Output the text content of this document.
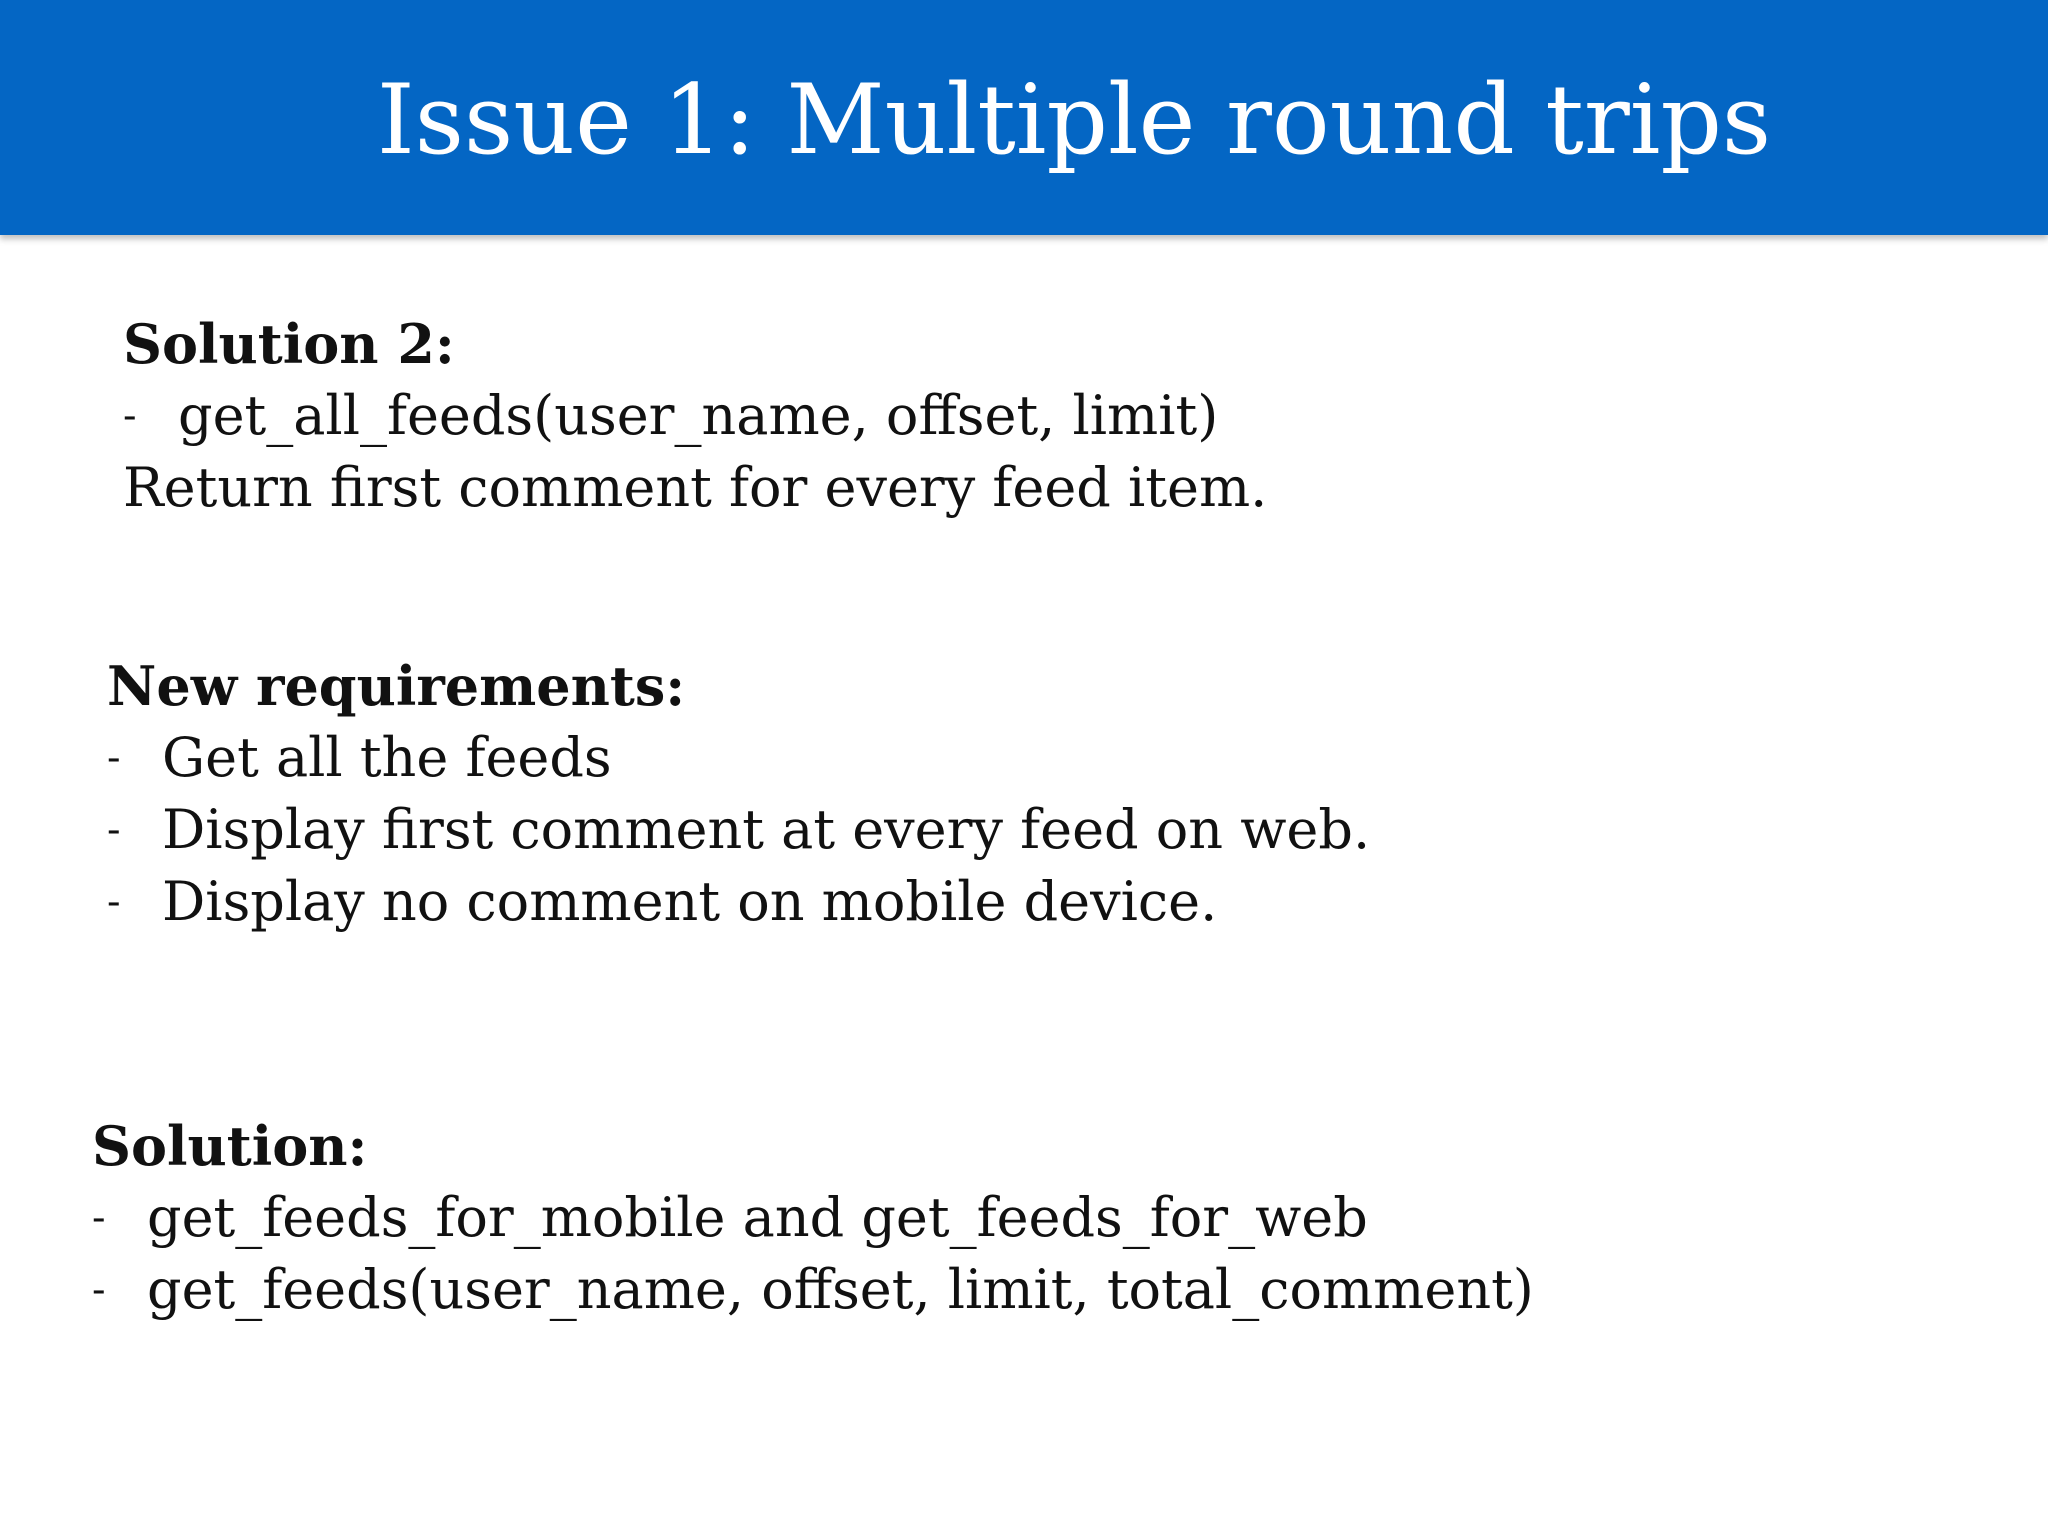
Issue 1: Multiple round trips
Solution 2:
- get_all_feeds(user_name, offset, limit)
Return first comment for every feed item.
New requirements:
- Get all the feeds
- Display first comment at every feed on web.
- Display no comment on mobile device.
Solution:
- get_feeds_for_mobile and get_feeds_for_web
- get_feeds(user_name, offset, limit, total_comment)
